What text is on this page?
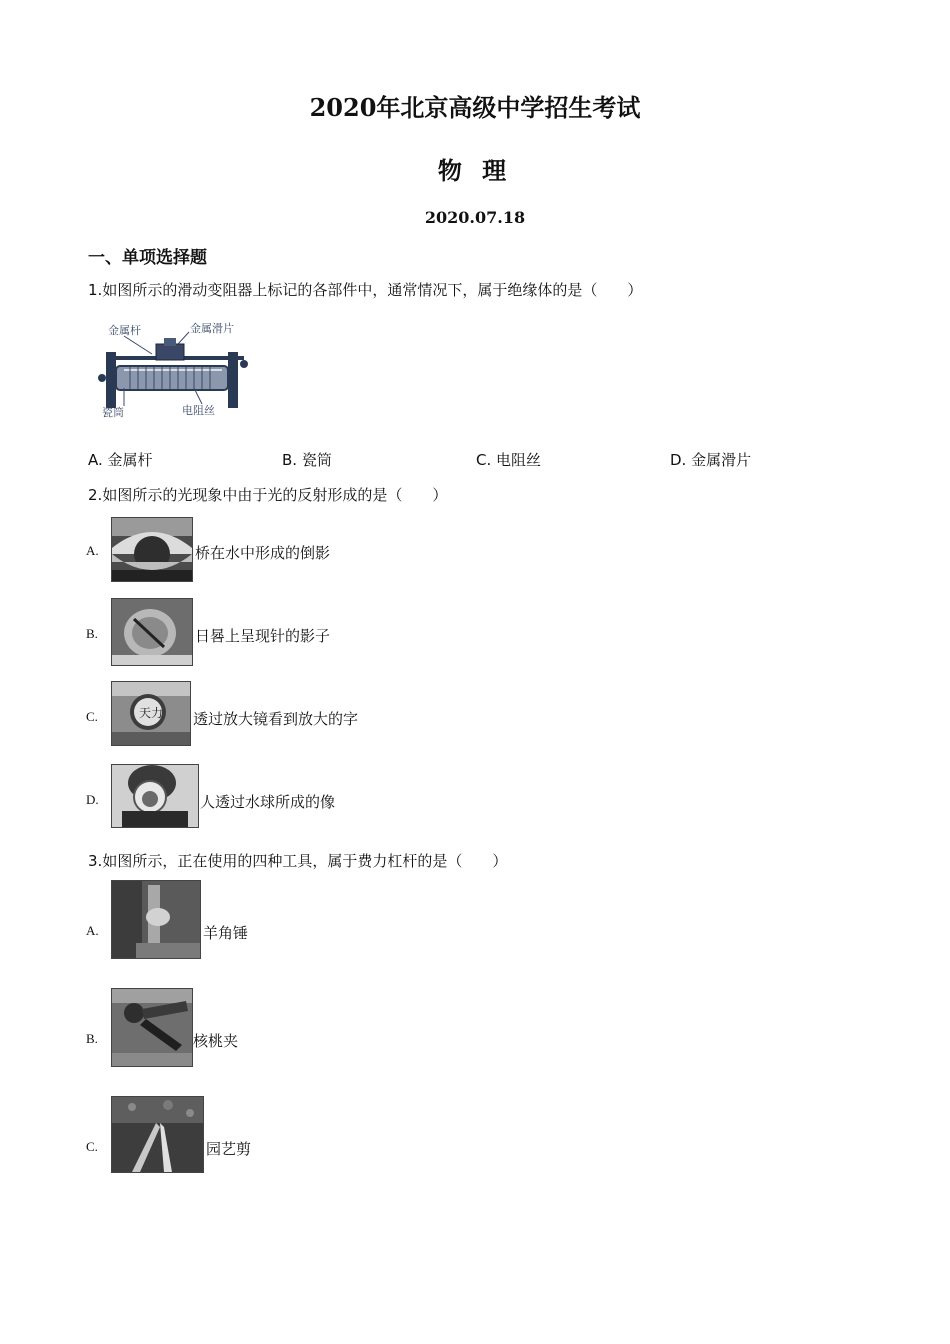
2020年北京高级中学招生考试
物 理
2020.07.18
一、单项选择题
1.如图所示的滑动变阻器上标记的各部件中，通常情况下，属于绝缘体的是（　　）
金属杆	金属滑片
瓷筒	电阻丝
A. 金属杆	B. 瓷筒	C. 电阻丝	D. 金属滑片
2.如图所示的光现象中由于光的反射形成的是（　　）
A.	桥在水中形成的倒影
B.	日晷上呈现针的影子
C.	天力 透过放大镜看到放大的字
D.	人透过水球所成的像
3.如图所示，正在使用的四种工具，属于费力杠杆的是（　　）
A.	羊角锤
B.	核桃夹
C.	园艺剪
